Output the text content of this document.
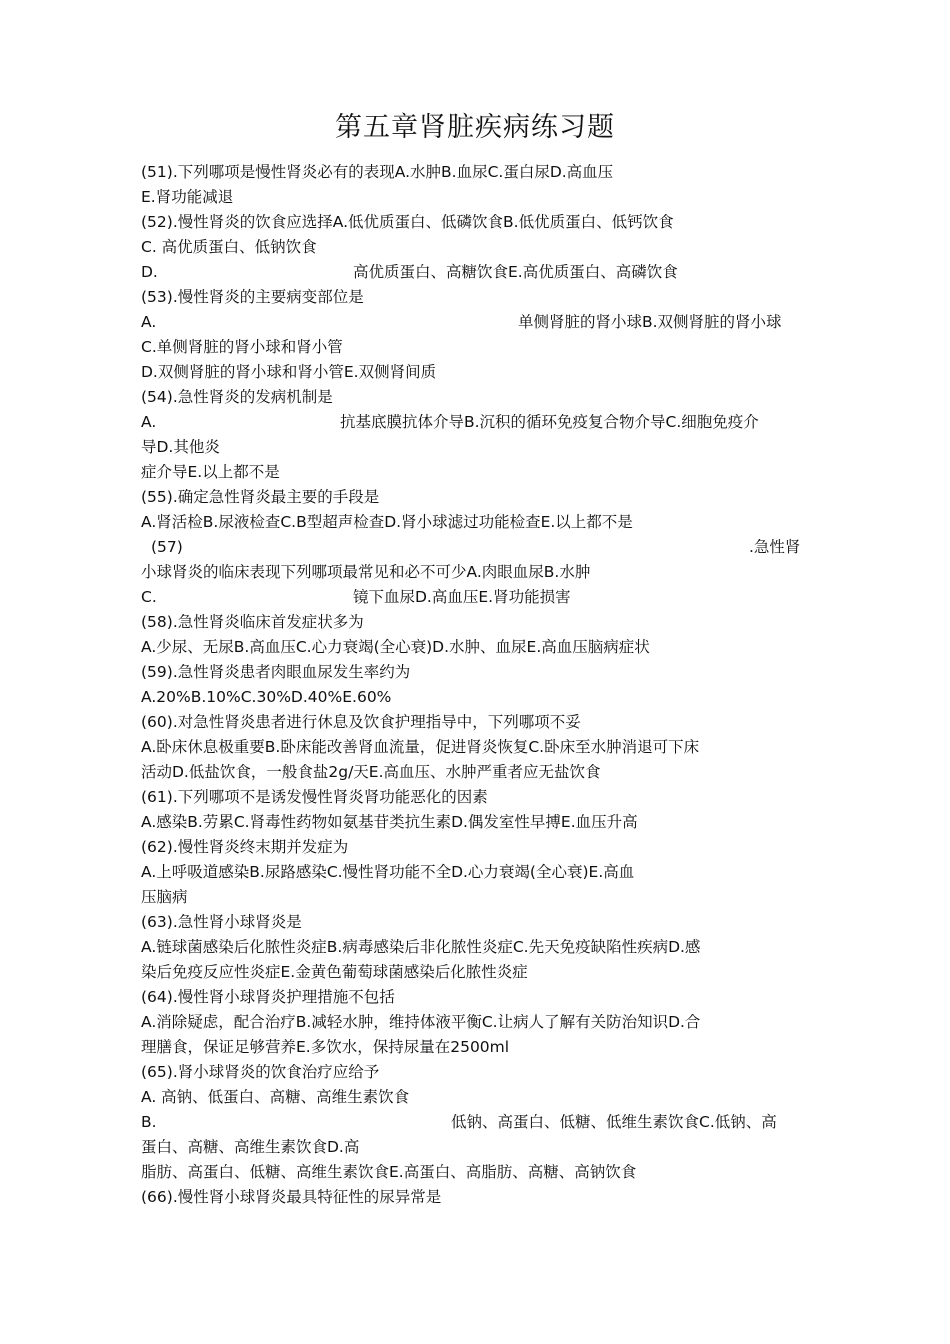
第五章肾脏疾病练习题
(51).下列哪项是慢性肾炎必有的表现A.水肿B.血尿C.蛋白尿D.高血压
E.肾功能减退
(52).慢性肾炎的饮食应选择A.低优质蛋白、低磷饮食B.低优质蛋白、低钙饮食
C. 高优质蛋白、低钠饮食
D.	高优质蛋白、高糖饮食E.高优质蛋白、高磷饮食
(53).慢性肾炎的主要病变部位是
A.	单侧肾脏的肾小球B.双侧肾脏的肾小球
C.单侧肾脏的肾小球和肾小管
D.双侧肾脏的肾小球和肾小管E.双侧肾间质
(54).急性肾炎的发病机制是
A.	抗基底膜抗体介导B.沉积的循环免疫复合物介导C.细胞免疫介
导D.其他炎
症介导E.以上都不是
(55).确定急性肾炎最主要的手段是
A.肾活检B.尿液检查C.B型超声检查D.肾小球滤过功能检查E.以上都不是
(57)	.急性肾
小球肾炎的临床表现下列哪项最常见和必不可少A.肉眼血尿B.水肿
C.	镜下血尿D.高血压E.肾功能损害
(58).急性肾炎临床首发症状多为
A.少尿、无尿B.高血压C.心力衰竭(全心衰)D.水肿、血尿E.高血压脑病症状
(59).急性肾炎患者肉眼血尿发生率约为
A.20%B.10%C.30%D.40%E.60%
(60).对急性肾炎患者进行休息及饮食护理指导中，下列哪项不妥
A.卧床休息极重要B.卧床能改善肾血流量，促进肾炎恢复C.卧床至水肿消退可下床
活动D.低盐饮食，一般食盐2g/天E.高血压、水肿严重者应无盐饮食
(61).下列哪项不是诱发慢性肾炎肾功能恶化的因素
A.感染B.劳累C.肾毒性药物如氨基苷类抗生素D.偶发室性早搏E.血压升高
(62).慢性肾炎终末期并发症为
A.上呼吸道感染B.尿路感染C.慢性肾功能不全D.心力衰竭(全心衰)E.高血
压脑病
(63).急性肾小球肾炎是
A.链球菌感染后化脓性炎症B.病毒感染后非化脓性炎症C.先天免疫缺陷性疾病D.感
染后免疫反应性炎症E.金黄色葡萄球菌感染后化脓性炎症
(64).慢性肾小球肾炎护理措施不包括
A.消除疑虑，配合治疗B.减轻水肿，维持体液平衡C.让病人了解有关防治知识D.合
理膳食，保证足够营养E.多饮水，保持尿量在2500ml
(65).肾小球肾炎的饮食治疗应给予
A. 高钠、低蛋白、高糖、高维生素饮食
B.	低钠、高蛋白、低糖、低维生素饮食C.低钠、高
蛋白、高糖、高维生素饮食D.高
脂肪、高蛋白、低糖、高维生素饮食E.高蛋白、高脂肪、高糖、高钠饮食
(66).慢性肾小球肾炎最具特征性的尿异常是
